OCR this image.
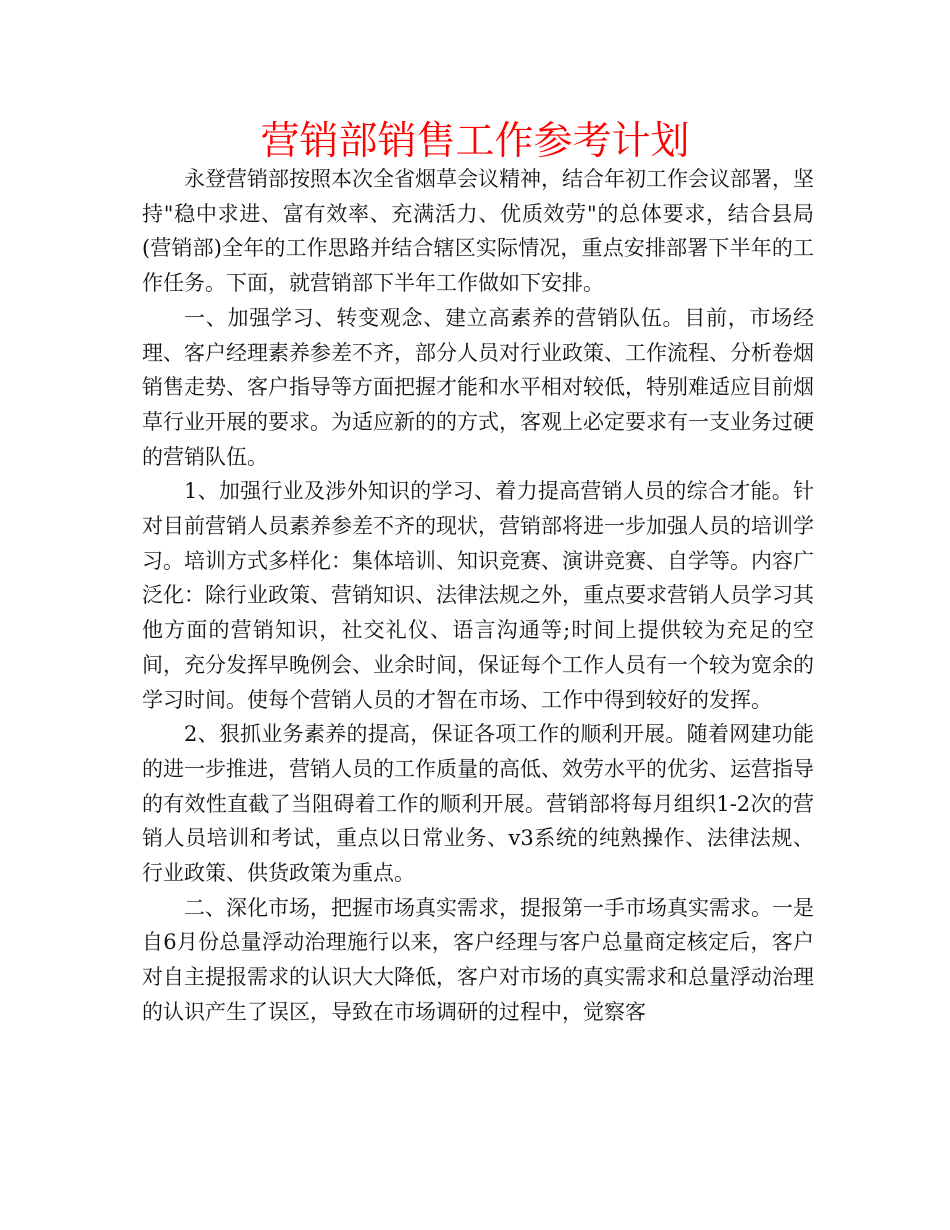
营销部销售工作参考计划

永登营销部按照本次全省烟草会议精神，结合年初工作会议部署，坚持"稳中求进、富有效率、充满活力、优质效劳"的总体要求，结合县局(营销部)全年的工作思路并结合辖区实际情况，重点安排部署下半年的工作任务。下面，就营销部下半年工作做如下安排。

一、加强学习、转变观念、建立高素养的营销队伍。目前，市场经理、客户经理素养参差不齐，部分人员对行业政策、工作流程、分析卷烟销售走势、客户指导等方面把握才能和水平相对较低，特别难适应目前烟草行业开展的要求。为适应新的的方式，客观上必定要求有一支业务过硬的营销队伍。

1、加强行业及涉外知识的学习、着力提高营销人员的综合才能。针对目前营销人员素养参差不齐的现状，营销部将进一步加强人员的培训学习。培训方式多样化：集体培训、知识竞赛、演讲竞赛、自学等。内容广泛化：除行业政策、营销知识、法律法规之外，重点要求营销人员学习其他方面的营销知识，社交礼仪、语言沟通等;时间上提供较为充足的空间，充分发挥早晚例会、业余时间，保证每个工作人员有一个较为宽余的学习时间。使每个营销人员的才智在市场、工作中得到较好的发挥。

2、狠抓业务素养的提高，保证各项工作的顺利开展。随着网建功能的进一步推进，营销人员的工作质量的高低、效劳水平的优劣、运营指导的有效性直截了当阻碍着工作的顺利开展。营销部将每月组织1-2次的营销人员培训和考试，重点以日常业务、v3系统的纯熟操作、法律法规、行业政策、供货政策为重点。

二、深化市场，把握市场真实需求，提报第一手市场真实需求。一是自6月份总量浮动治理施行以来，客户经理与客户总量商定核定后，客户对自主提报需求的认识大大降低，客户对市场的真实需求和总量浮动治理的认识产生了误区，导致在市场调研的过程中，觉察客
